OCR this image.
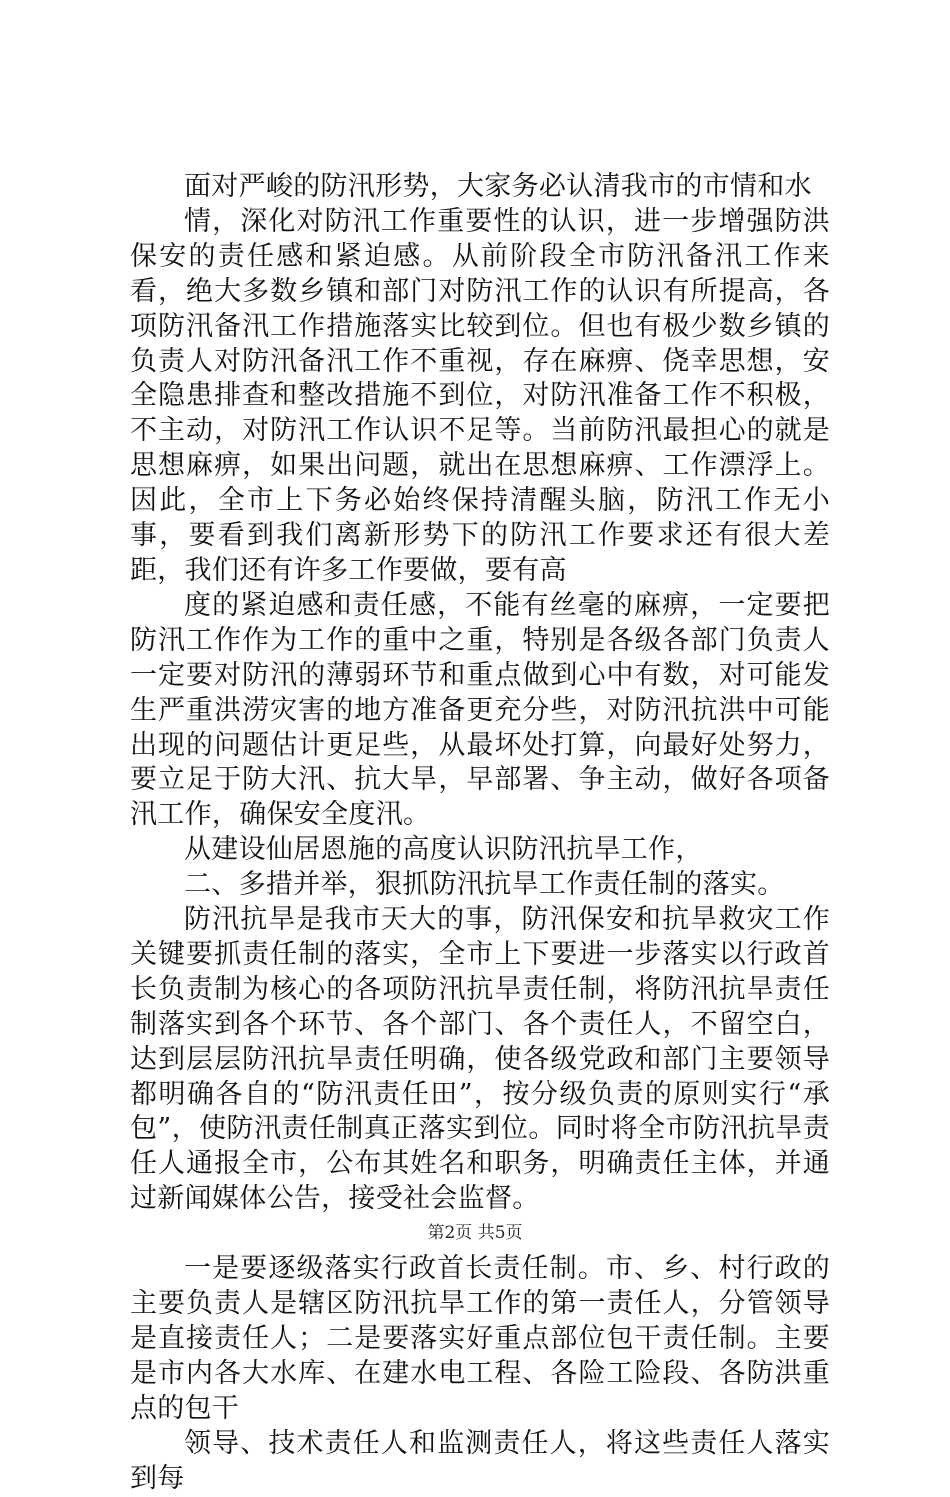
面对严峻的防汛形势，大家务必认清我市的市情和水

情，深化对防汛工作重要性的认识，进一步增强防洪保安的责任感和紧迫感。从前阶段全市防汛备汛工作来看，绝大多数乡镇和部门对防汛工作的认识有所提高，各项防汛备汛工作措施落实比较到位。但也有极少数乡镇的负责人对防汛备汛工作不重视，存在麻痹、侥幸思想，安全隐患排查和整改措施不到位，对防汛准备工作不积极，不主动，对防汛工作认识不足等。当前防汛最担心的就是思想麻痹，如果出问题，就出在思想麻痹、工作漂浮上。因此，全市上下务必始终保持清醒头脑，防汛工作无小事，要看到我们离新形势下的防汛工作要求还有很大差距，我们还有许多工作要做，要有高

度的紧迫感和责任感，不能有丝毫的麻痹，一定要把防汛工作作为工作的重中之重，特别是各级各部门负责人一定要对防汛的薄弱环节和重点做到心中有数，对可能发生严重洪涝灾害的地方准备更充分些，对防汛抗洪中可能出现的问题估计更足些，从最坏处打算，向最好处努力，要立足于防大汛、抗大旱，早部署、争主动，做好各项备汛工作，确保安全度汛。

从建设仙居恩施的高度认识防汛抗旱工作，

二、多措并举，狠抓防汛抗旱工作责任制的落实。

防汛抗旱是我市天大的事，防汛保安和抗旱救灾工作关键要抓责任制的落实，全市上下要进一步落实以行政首长负责制为核心的各项防汛抗旱责任制，将防汛抗旱责任制落实到各个环节、各个部门、各个责任人，不留空白，达到层层防汛抗旱责任明确，使各级党政和部门主要领导都明确各自的“防汛责任田”，按分级负责的原则实行“承包”，使防汛责任制真正落实到位。同时将全市防汛抗旱责任人通报全市，公布其姓名和职务，明确责任主体，并通过新闻媒体公告，接受社会监督。

一是要逐级落实行政首长责任制。市、乡、村行政的主要负责人是辖区防汛抗旱工作的第一责任人，分管领导是直接责任人；二是要落实好重点部位包干责任制。主要是市内各大水库、在建水电工程、各险工险段、各防洪重点的包干

领导、技术责任人和监测责任人，将这些责任人落实到每

第2页 共5页
